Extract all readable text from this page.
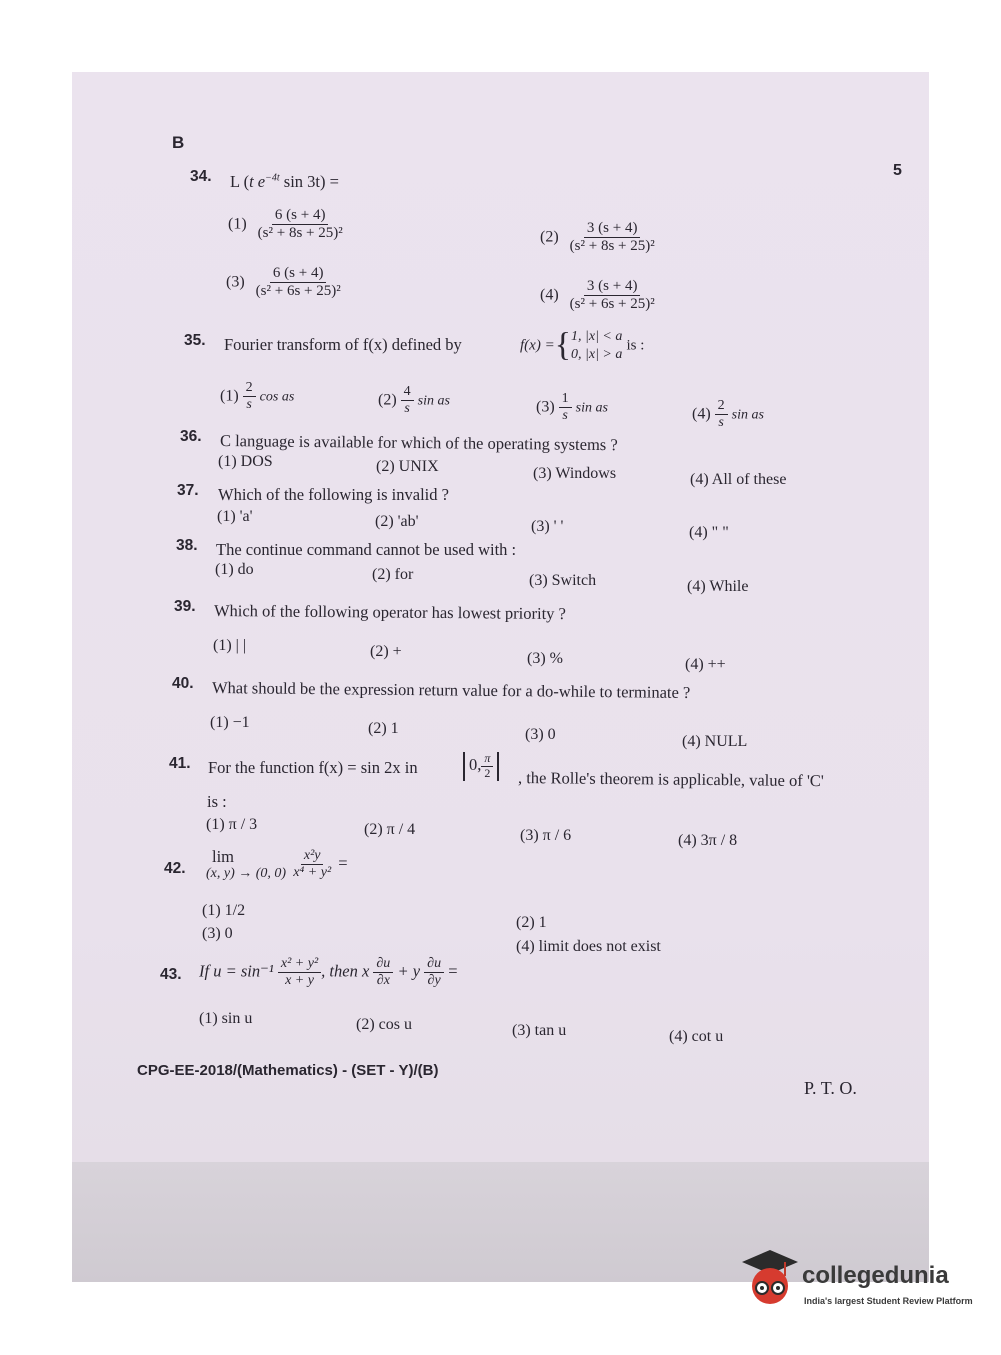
B
5
34. L (t $e^{-4t}$ sin 3t) =
$(1) \frac{6 (s + 4)}{\text{(s² + 8s + 25)²}}$	$(2) \frac{3 (s + 4)}{\text{(s² + 8s + 25)²}}$
$(3) \frac{6 (s + 4)}{\text{(s² + 6s + 25)²}}$	$(4) \frac{3 (s + 4)}{\text{(s² + 6s + 25)²}}$
35. Fourier transform of f(x) defined by	f(x) ={ 1, |x| < a
0, |x| > a
is :
$(1) \frac{2}{s}$ cos as	$(2) \frac{4}{s}$ sin as	$(3) \frac{1}{s}$ sin as	$(4) \frac{2}{s}$ sin as
36. C language is available for which of the operating systems ?
(1) DOS	(2) UNIX	(3) Windows	(4) All of these
37. Which of the following is invalid ?
(1) 'a'	(2) 'ab'	(3) ' '	(4) " "
38. The continue command cannot be used with :
(1) do	(2) for	(3) Switch	(4) While
39. Which of the following operator has lowest priority ?
(1) | |	(2) +	(3) %	(4) ++
40. What should be the expression return value for a do-while to terminate ?
(1) −1	(2) 1	(3) 0	(4) NULL
41. For the function f(x) = sin 2x in	0, $\frac{\pi}{2}$ , the Rolle's theorem is applicable, value of 'C'
is :
(1) π / 3	(2) π / 4	(3) π / 6	(4) 3π / 8
42.
lim
(x, y) → (0, 0)
$\frac{\text{x²y}}{\text{x⁴ + y²}}$ =
(1) 1/2
(2) 1
(3) 0
(4) limit does not exist
43. If $u = \sin^{-1} \frac{\text{x² + y²}}{x + y}$ , then x $\frac{\partial u}{\partial x} + y \frac{\partial u}{\partial y}$ =
(1) sin u	(2) cos u	(3) tan u	(4) cot u
CPG-EE-2018/(Mathematics) - (SET - Y)/(B)
P. T. O.
collegedunia
India's largest Student Review Platform
